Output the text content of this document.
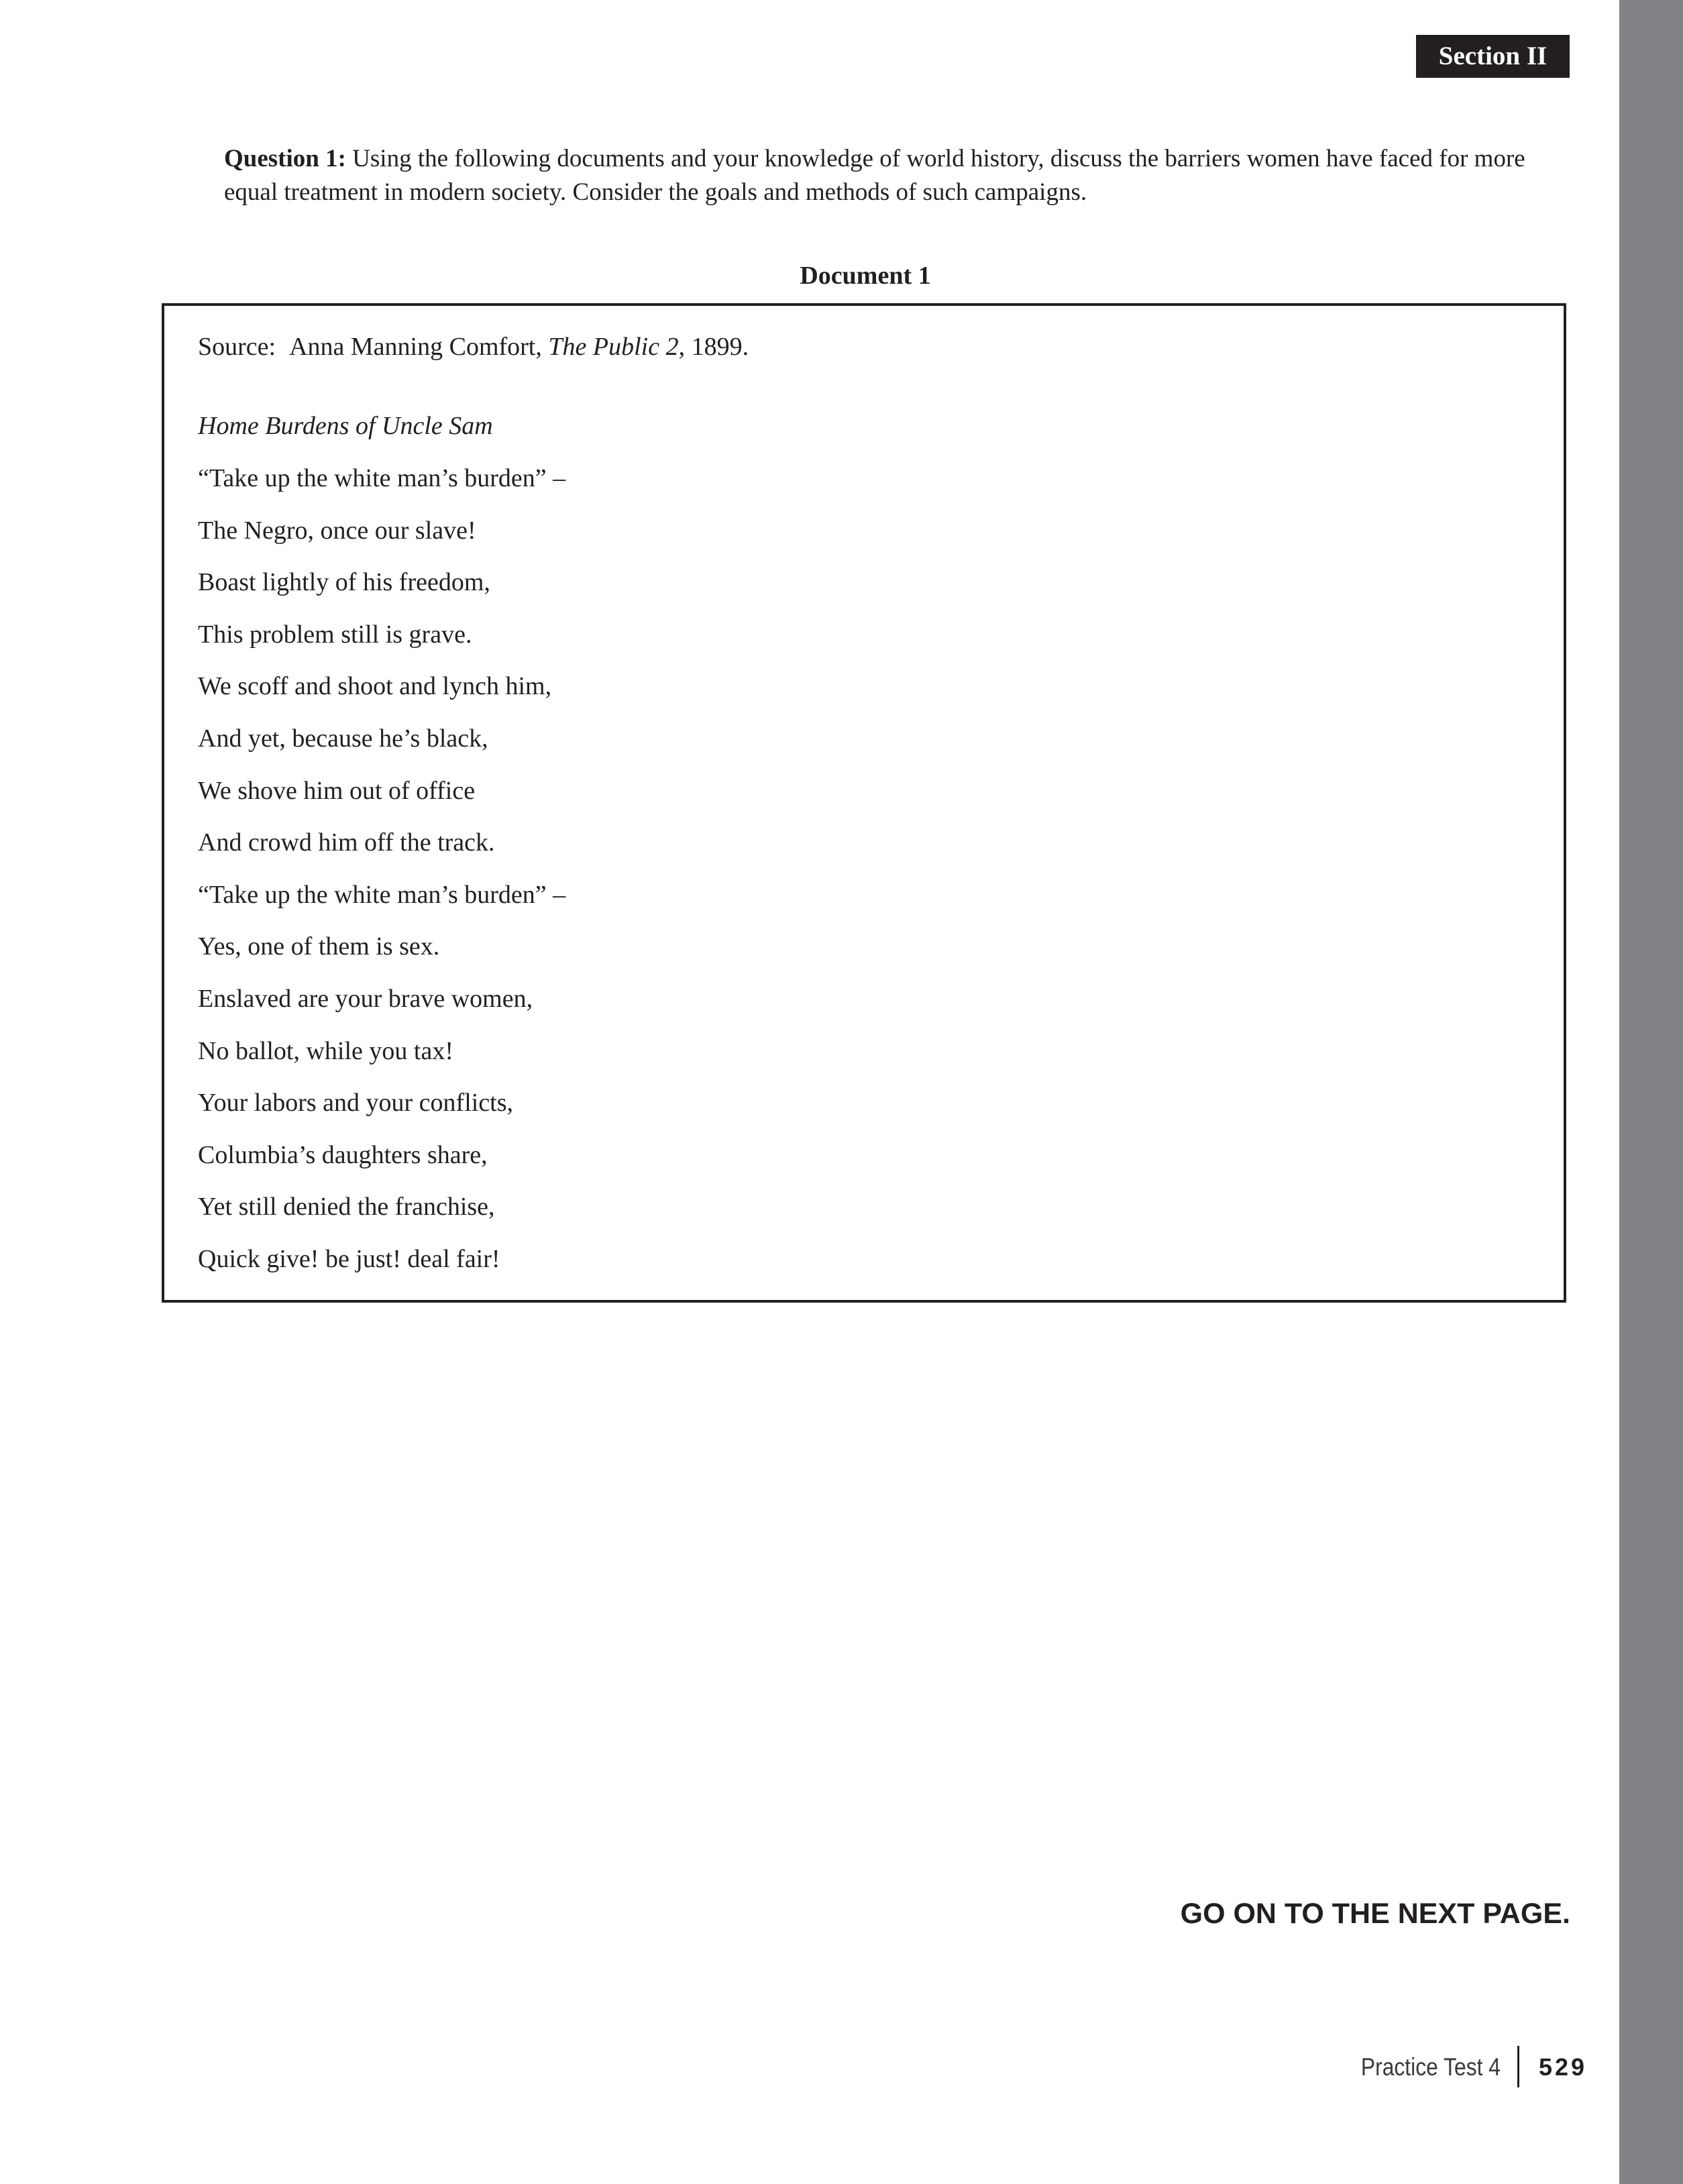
Section II
Question 1: Using the following documents and your knowledge of world history, discuss the barriers women have faced for more equal treatment in modern society. Consider the goals and methods of such campaigns.
Document 1
Source: Anna Manning Comfort, The Public 2, 1899.
Home Burdens of Uncle Sam
“Take up the white man’s burden” –
The Negro, once our slave!
Boast lightly of his freedom,
This problem still is grave.
We scoff and shoot and lynch him,
And yet, because he’s black,
We shove him out of office
And crowd him off the track.
“Take up the white man’s burden” –
Yes, one of them is sex.
Enslaved are your brave women,
No ballot, while you tax!
Your labors and your conflicts,
Columbia’s daughters share,
Yet still denied the franchise,
Quick give! be just! deal fair!
GO ON TO THE NEXT PAGE.
Practice Test 4 529
